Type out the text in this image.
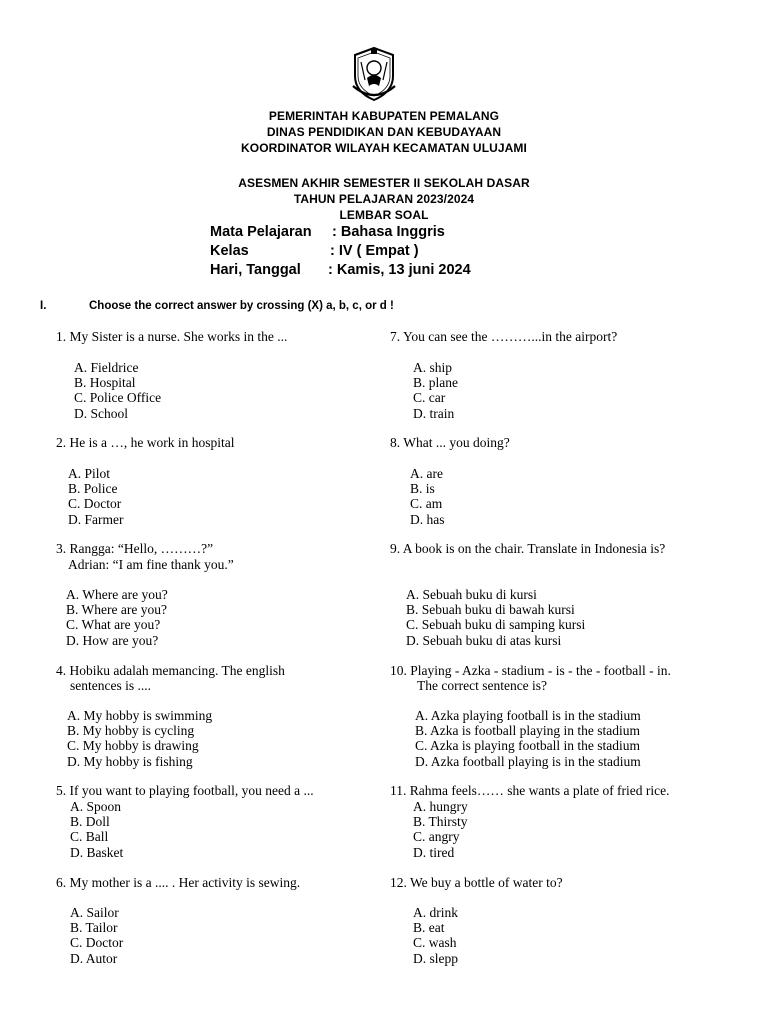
PEMERINTAH KABUPATEN PEMALANG
DINAS PENDIDIKAN DAN KEBUDAYAAN
KOORDINATOR WILAYAH KECAMATAN ULUJAMI
ASESMEN AKHIR SEMESTER II SEKOLAH DASAR
TAHUN PELAJARAN 2023/2024
LEMBAR SOAL
Mata Pelajaran : Bahasa Inggris
Kelas	: IV ( Empat )
Hari, Tanggal : Kamis, 13 juni 2024
I.	Choose the correct answer by crossing (X) a, b, c, or d !
1. My Sister is a nurse. She works in the ...
A. Fieldrice
B. Hospital
C. Police Office
D. School
2. He is a …, he work in hospital
A. Pilot
B. Police
C. Doctor
D. Farmer
3. Rangga: “Hello, ………?”
Adrian: “I am fine thank you.”
A. Where are you?
B. Where are you?
C. What are you?
D. How are you?
4. Hobiku adalah memancing. The english
sentences is ....
A. My hobby is swimming
B. My hobby is cycling
C. My hobby is drawing
D. My hobby is fishing
5. If you want to playing football, you need a ...
A. Spoon
B. Doll
C. Ball
D. Basket
6. My mother is a .... . Her activity is sewing.
A. Sailor
B. Tailor
C. Doctor
D. Autor
7. You can see the ………...in the airport?
A. ship
B. plane
C. car
D. train
8. What ... you doing?
A. are
B. is
C. am
D. has
9. A book is on the chair. Translate in Indonesia is?
A. Sebuah buku di kursi
B. Sebuah buku di bawah kursi
C. Sebuah buku di samping kursi
D. Sebuah buku di atas kursi
10. Playing - Azka - stadium - is - the - football - in.
The correct sentence is?
A. Azka playing football is in the stadium
B. Azka is football playing in the stadium
C. Azka is playing football in the stadium
D. Azka football playing is in the stadium
11. Rahma feels…… she wants a plate of fried rice.
A. hungry
B. Thirsty
C. angry
D. tired
12. We buy a bottle of water to?
A. drink
B. eat
C. wash
D. slepp
